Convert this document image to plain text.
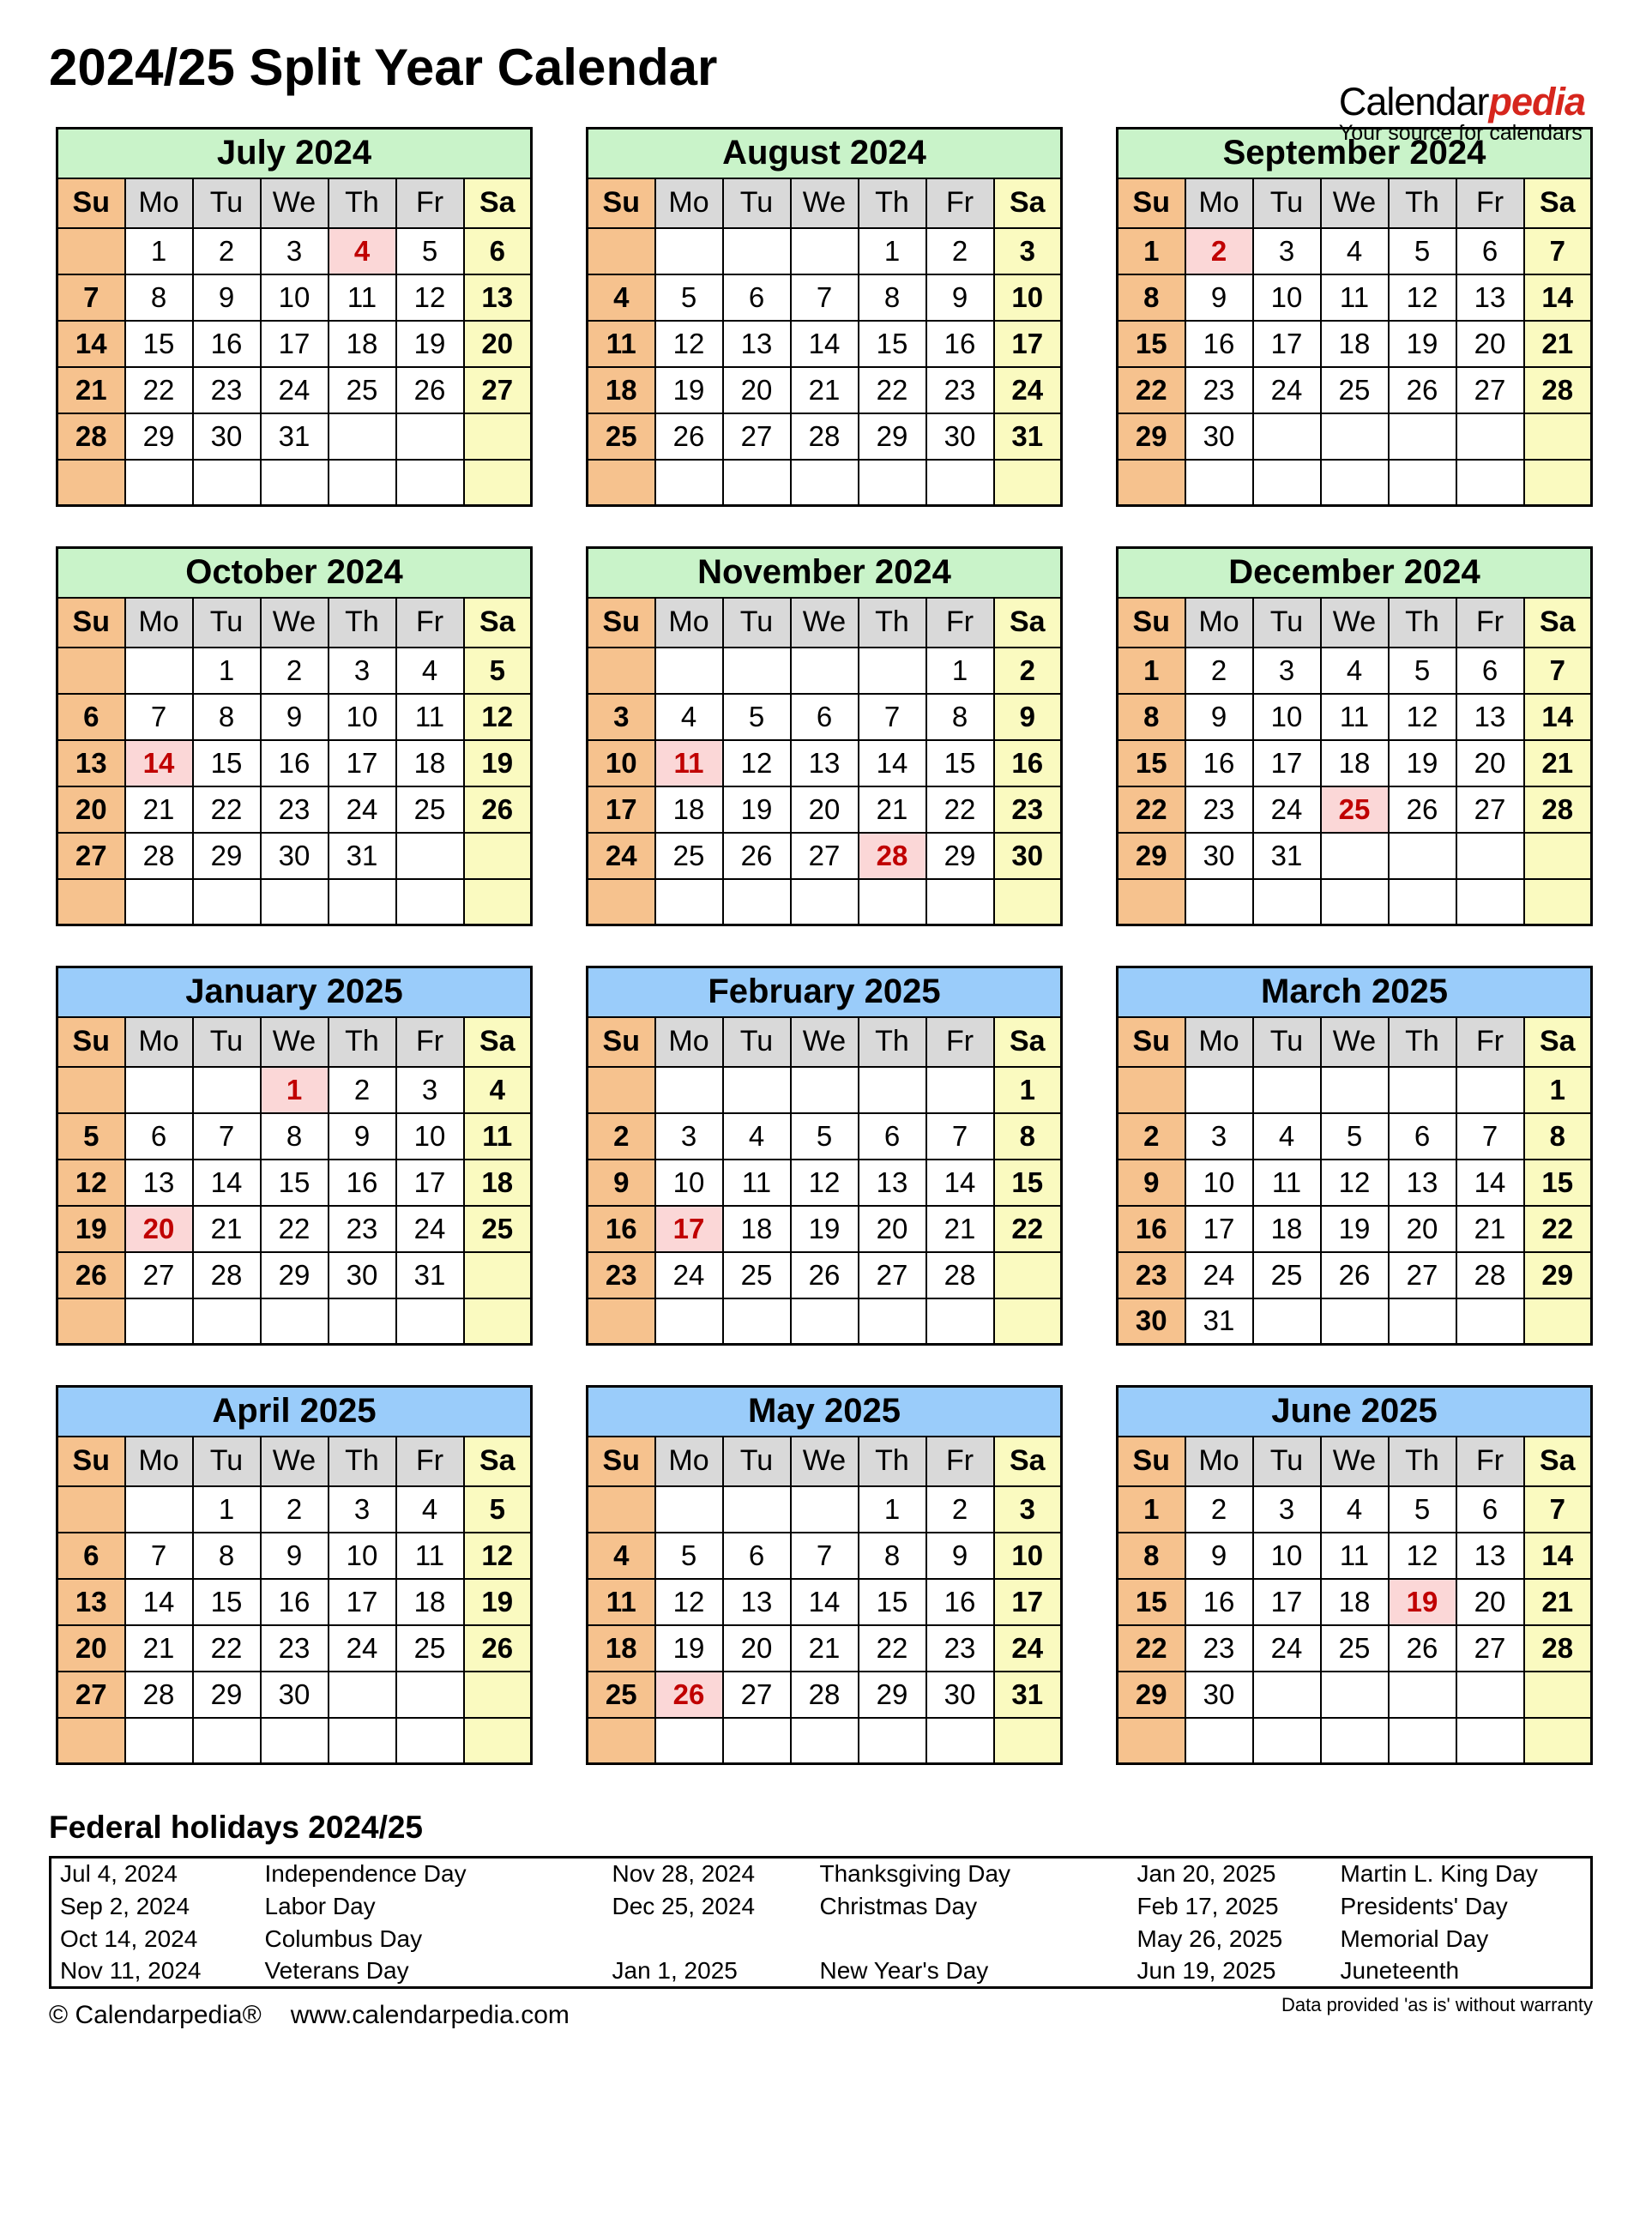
2024/25 Split Year Calendar
Calendarpedia
Your source for calendars
July 2024						
Su	Mo	Tu	We	Th	Fr	Sa
	1	2	3	4	5	6
7	8	9	10	11	12	13
14	15	16	17	18	19	20
21	22	23	24	25	26	27
28	29	30	31			

August 2024						
Su	Mo	Tu	We	Th	Fr	Sa
				1	2	3
4	5	6	7	8	9	10
11	12	13	14	15	16	17
18	19	20	21	22	23	24
25	26	27	28	29	30	31

September 2024						
Su	Mo	Tu	We	Th	Fr	Sa
1	2	3	4	5	6	7
8	9	10	11	12	13	14
15	16	17	18	19	20	21
22	23	24	25	26	27	28
29	30					

October 2024						
Su	Mo	Tu	We	Th	Fr	Sa
		1	2	3	4	5
6	7	8	9	10	11	12
13	14	15	16	17	18	19
20	21	22	23	24	25	26
27	28	29	30	31		

November 2024						
Su	Mo	Tu	We	Th	Fr	Sa
					1	2
3	4	5	6	7	8	9
10	11	12	13	14	15	16
17	18	19	20	21	22	23
24	25	26	27	28	29	30

December 2024						
Su	Mo	Tu	We	Th	Fr	Sa
1	2	3	4	5	6	7
8	9	10	11	12	13	14
15	16	17	18	19	20	21
22	23	24	25	26	27	28
29	30	31				

January 2025						
Su	Mo	Tu	We	Th	Fr	Sa
			1	2	3	4
5	6	7	8	9	10	11
12	13	14	15	16	17	18
19	20	21	22	23	24	25
26	27	28	29	30	31	

February 2025						
Su	Mo	Tu	We	Th	Fr	Sa
						1
2	3	4	5	6	7	8
9	10	11	12	13	14	15
16	17	18	19	20	21	22
23	24	25	26	27	28	

March 2025						
Su	Mo	Tu	We	Th	Fr	Sa
						1
2	3	4	5	6	7	8
9	10	11	12	13	14	15
16	17	18	19	20	21	22
23	24	25	26	27	28	29
30	31					
April 2025						
Su	Mo	Tu	We	Th	Fr	Sa
		1	2	3	4	5
6	7	8	9	10	11	12
13	14	15	16	17	18	19
20	21	22	23	24	25	26
27	28	29	30			

May 2025						
Su	Mo	Tu	We	Th	Fr	Sa
				1	2	3
4	5	6	7	8	9	10
11	12	13	14	15	16	17
18	19	20	21	22	23	24
25	26	27	28	29	30	31

June 2025						
Su	Mo	Tu	We	Th	Fr	Sa
1	2	3	4	5	6	7
8	9	10	11	12	13	14
15	16	17	18	19	20	21
22	23	24	25	26	27	28
29	30					

Federal holidays 2024/25
Jul 4, 2024	Independence Day	Nov 28, 2024	Thanksgiving Day	Jan 20, 2025	Martin L. King Day
Sep 2, 2024	Labor Day	Dec 25, 2024	Christmas Day	Feb 17, 2025	Presidents' Day
Oct 14, 2024	Columbus Day			May 26, 2025	Memorial Day
Nov 11, 2024	Veterans Day	Jan 1, 2025	New Year's Day	Jun 19, 2025	Juneteenth
© Calendarpedia® www.calendarpedia.com	Data provided 'as is' without warranty
